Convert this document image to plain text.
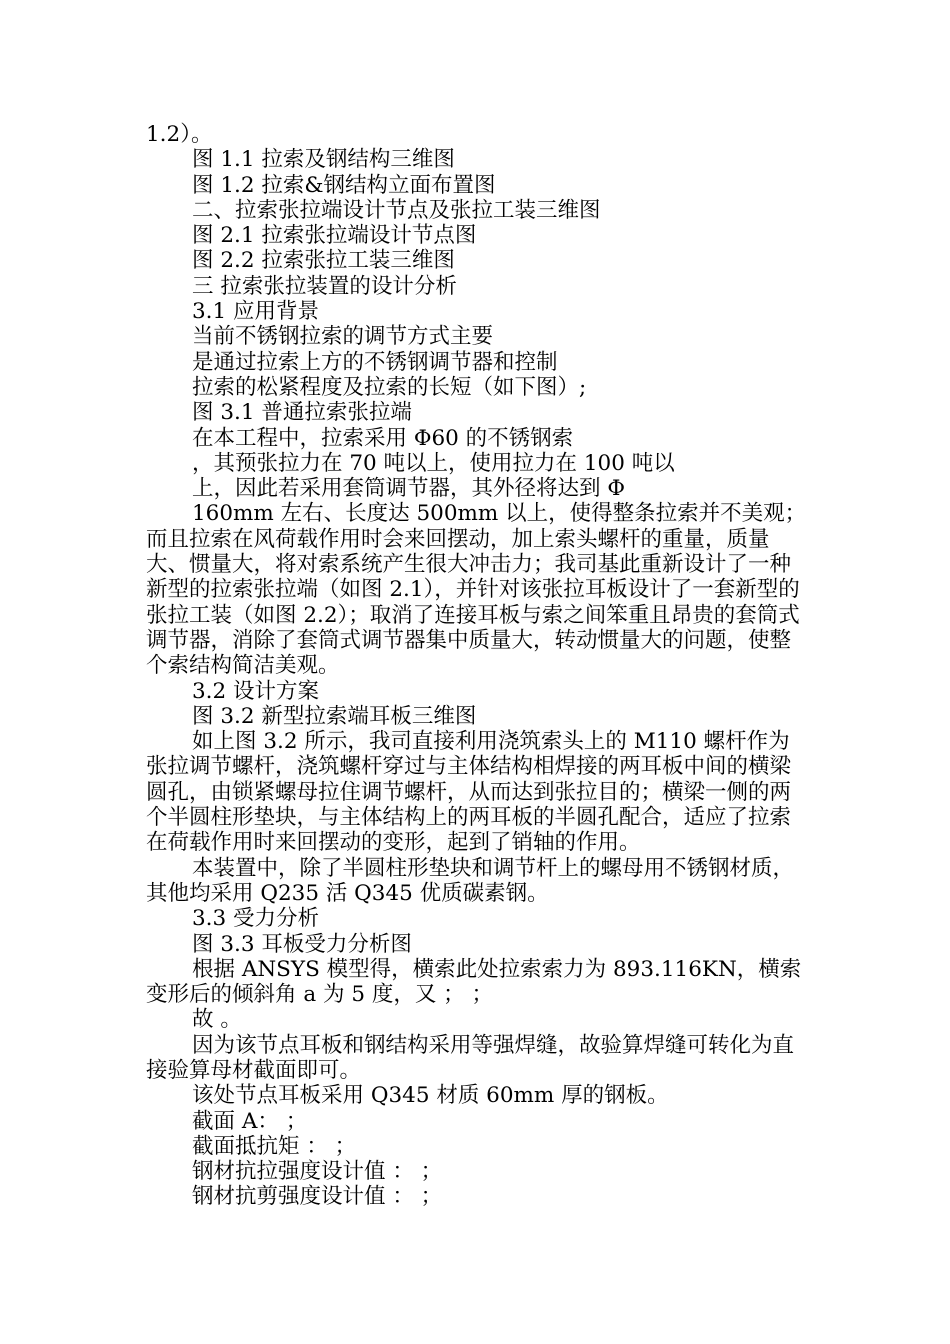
1.2）。

图 1.1 拉索及钢结构三维图

图 1.2 拉索&钢结构立面布置图

二、拉索张拉端设计节点及张拉工装三维图

图 2.1 拉索张拉端设计节点图

图 2.2 拉索张拉工装三维图

三 拉索张拉装置的设计分析

3.1 应用背景

当前不锈钢拉索的调节方式主要

是通过拉索上方的不锈钢调节器和控制

拉索的松紧程度及拉索的长短（如下图）;

图 3.1 普通拉索张拉端

在本工程中，拉索采用 Φ60 的不锈钢索

，其预张拉力在 70 吨以上，使用拉力在 100 吨以

上，因此若采用套筒调节器，其外径将达到 Φ

160mm 左右、长度达 500mm 以上，使得整条拉索并不美观；而且拉索在风荷载作用时会来回摆动，加上索头螺杆的重量，质量大、惯量大，将对索系统产生很大冲击力；我司基此重新设计了一种新型的拉索张拉端（如图 2.1），并针对该张拉耳板设计了一套新型的张拉工装（如图 2.2）；取消了连接耳板与索之间笨重且昂贵的套筒式调节器，消除了套筒式调节器集中质量大，转动惯量大的问题，使整个索结构简洁美观。

3.2 设计方案

图 3.2 新型拉索端耳板三维图

如上图 3.2 所示，我司直接利用浇筑索头上的 M110 螺杆作为张拉调节螺杆，浇筑螺杆穿过与主体结构相焊接的两耳板中间的横梁圆孔，由锁紧螺母拉住调节螺杆，从而达到张拉目的；横梁一侧的两个半圆柱形垫块，与主体结构上的两耳板的半圆孔配合，适应了拉索在荷载作用时来回摆动的变形，起到了销轴的作用。

本装置中，除了半圆柱形垫块和调节杆上的螺母用不锈钢材质，其他均采用 Q235 活 Q345 优质碳素钢。

3.3 受力分析

图 3.3 耳板受力分析图

根据 ANSYS 模型得，横索此处拉索索力为 893.116KN，横索变形后的倾斜角 a 为 5 度，又 ； ；

故 。

因为该节点耳板和钢结构采用等强焊缝，故验算焊缝可转化为直接验算母材截面即可。

该处节点耳板采用 Q345 材质 60mm 厚的钢板。

截面 A： ；

截面抵抗矩 ： ；

钢材抗拉强度设计值 ： ；

钢材抗剪强度设计值 ： ；
